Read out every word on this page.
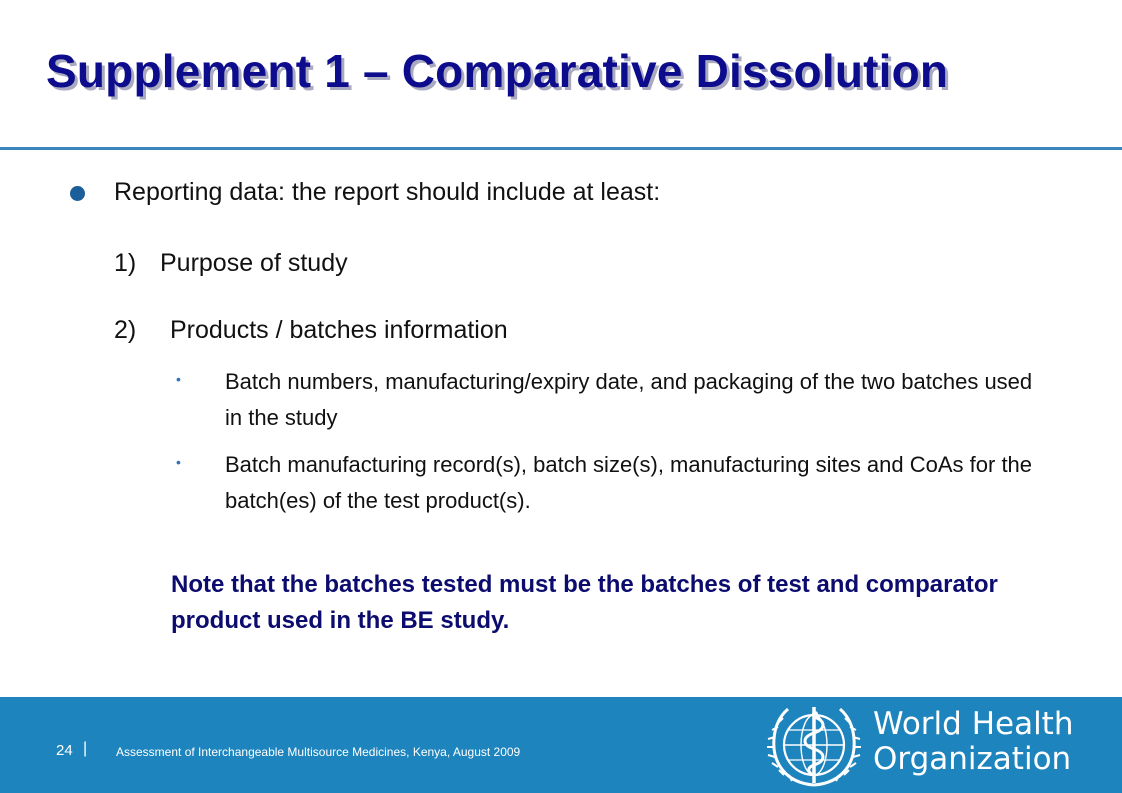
Supplement 1 – Comparative Dissolution
Reporting data: the report should include at least:
1) Purpose of study
2) Products / batches information
• Batch numbers, manufacturing/expiry date, and packaging of the two batches used in the study
• Batch manufacturing record(s), batch size(s), manufacturing sites and CoAs for the batch(es) of the test product(s).
Note that the batches tested must be the batches of test and comparator product used in the BE study.
24 | Assessment of Interchangeable Multisource Medicines, Kenya, August 2009
World Health
Organization
